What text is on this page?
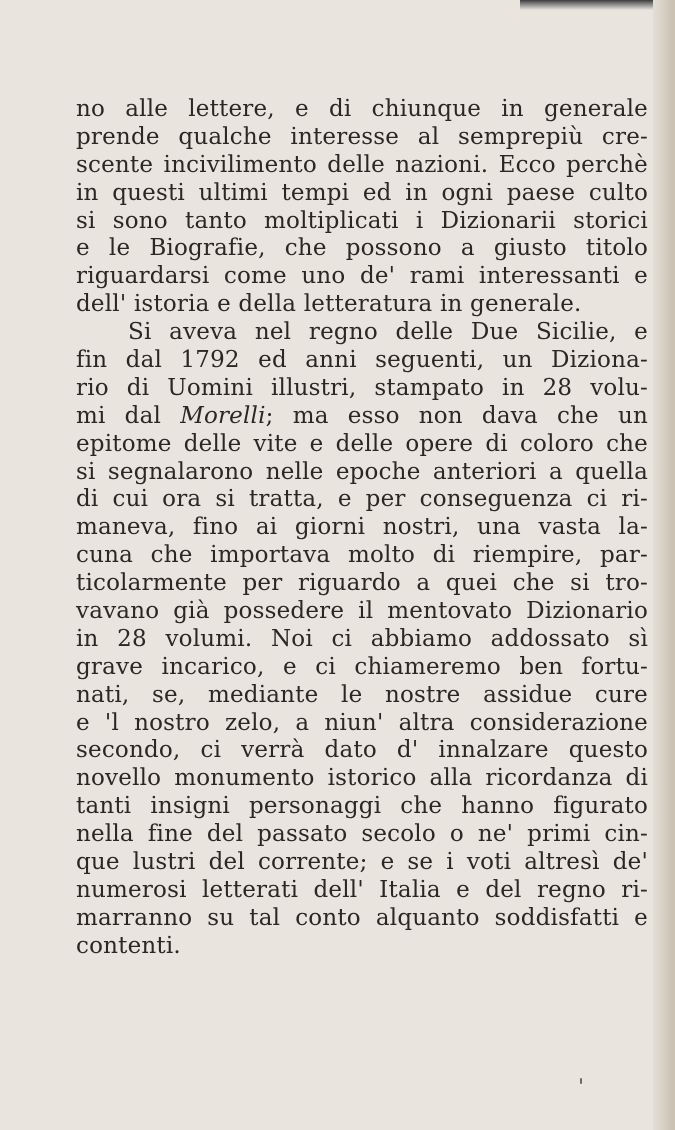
no alle lettere, e di chiunque in generale
prende qualche interesse al semprepiù cre-
scente incivilimento delle nazioni. Ecco perchè
in questi ultimi tempi ed in ogni paese culto
si sono tanto moltiplicati i Dizionarii storici
e le Biografie, che possono a giusto titolo
riguardarsi come uno de' rami interessanti e
dell' istoria e della letteratura in generale.
Si aveva nel regno delle Due Sicilie, e
fin dal 1792 ed anni seguenti, un Diziona-
rio di Uomini illustri, stampato in 28 volu-
mi dal Morelli; ma esso non dava che un
epitome delle vite e delle opere di coloro che
si segnalarono nelle epoche anteriori a quella
di cui ora si tratta, e per conseguenza ci ri-
maneva, fino ai giorni nostri, una vasta la-
cuna che importava molto di riempire, par-
ticolarmente per riguardo a quei che si tro-
vavano già possedere il mentovato Dizionario
in 28 volumi. Noi ci abbiamo addossato sì
grave incarico, e ci chiameremo ben fortu-
nati, se, mediante le nostre assidue cure
e 'l nostro zelo, a niun' altra considerazione
secondo, ci verrà dato d' innalzare questo
novello monumento istorico alla ricordanza di
tanti insigni personaggi che hanno figurato
nella fine del passato secolo o ne' primi cin-
que lustri del corrente; e se i voti altresì de'
numerosi letterati dell' Italia e del regno ri-
marranno su tal conto alquanto soddisfatti e
contenti.
